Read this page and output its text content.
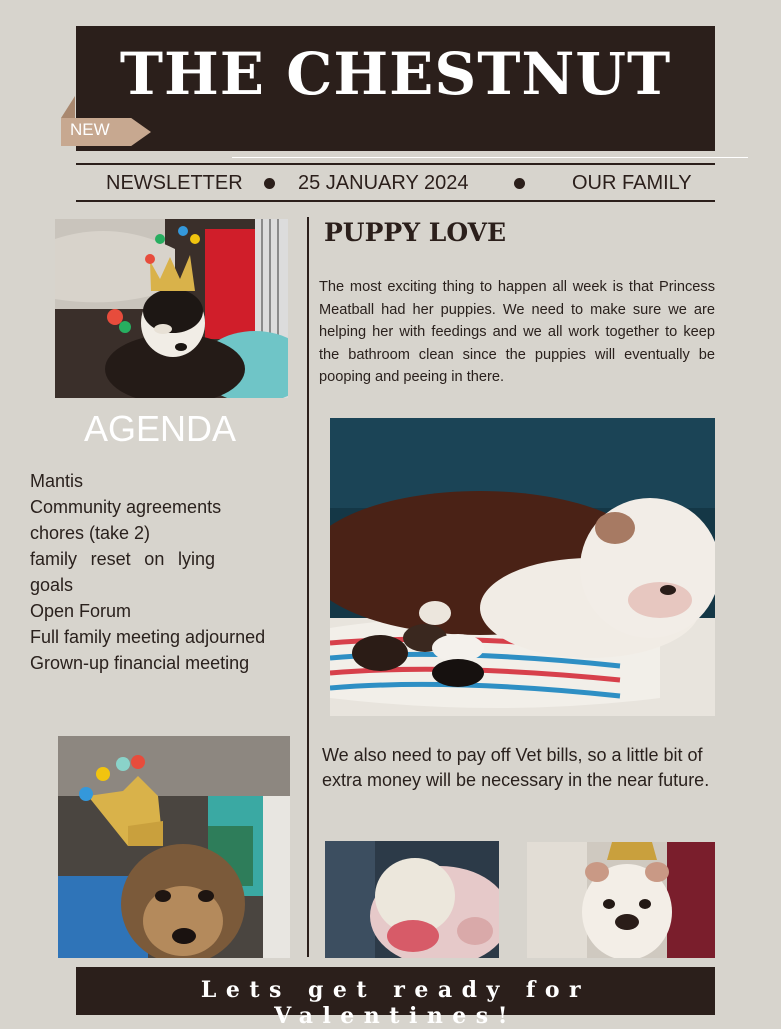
THE CHESTNUT
NEW
NEWSLETTER	25 JANUARY 2024	OUR FAMILY
AGENDA
Mantis
Community agreements
chores (take 2)
family reset on lying goals
Open Forum
Full family meeting adjourned
Grown-up financial meeting
PUPPY LOVE
The most exciting thing to happen all week is that Princess Meatball had her puppies. We need to make sure we are helping her with feedings and we all work together to keep the bathroom clean since the puppies will eventually be pooping and peeing in there.
We also need to pay off Vet bills, so a little bit of extra money will be necessary in the near future.
Lets get ready for Valentines!
